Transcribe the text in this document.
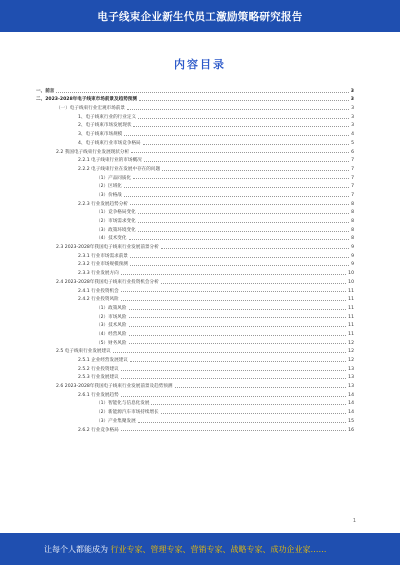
电子线束企业新生代员工激励策略研究报告
内容目录
一、前言	3
二、2023-2028年电子线束市场前景及趋势预测	3
（一）电子线束行业宏观市场前景	3
1、电子线束行业的行业定义	3
2、电子线束市场发展现状	3
3、电子线束市场规模	4
4、电子线束行业市场竞争格局	5
2.2 我国电子线束行业发展现状分析	6
2.2.1 电子线束行业的市场概况	7
2.2.2 电子线束行业在发展中存在的问题	7
（1）产品同质化	7
（2）区域化	7
（3）价格战	7
2.2.3 行业发展趋势分析	8
（1）竞争格局变化	8
（2）市场需求变化	8
（3）政策环境变化	8
（4）技术变化	8
2.3 2023-2028年我国电子线束行业发展前景分析	9
2.3.1 行业市场需求前景	9
2.3.2 行业市场规模预测	9
2.3.3 行业发展方向	10
2.4 2023-2028年我国电子线束行业投资机会分析	10
2.4.1 行业投资机会	11
2.4.2 行业投资风险	11
（1）政策风险	11
（2）市场风险	11
（3）技术风险	11
（4）经营风险	11
（5）财务风险	12
2.5 电子线束行业发展建议	12
2.5.1 企业经营发展建议	12
2.5.2 行业投资建议	13
2.5.3 行业发展建议	13
2.6 2023-2028年我国电子线束行业发展前景及趋势预测	13
2.6.1 行业发展趋势	14
（1）智能化与信息化发展	14
（2）新能源汽车市场持续增长	14
（3）产业集聚发展	15
2.6.2 行业竞争格局	16
1
让每个人都能成为 行业专家、管理专家、营销专家、战略专家、成功企业家……
